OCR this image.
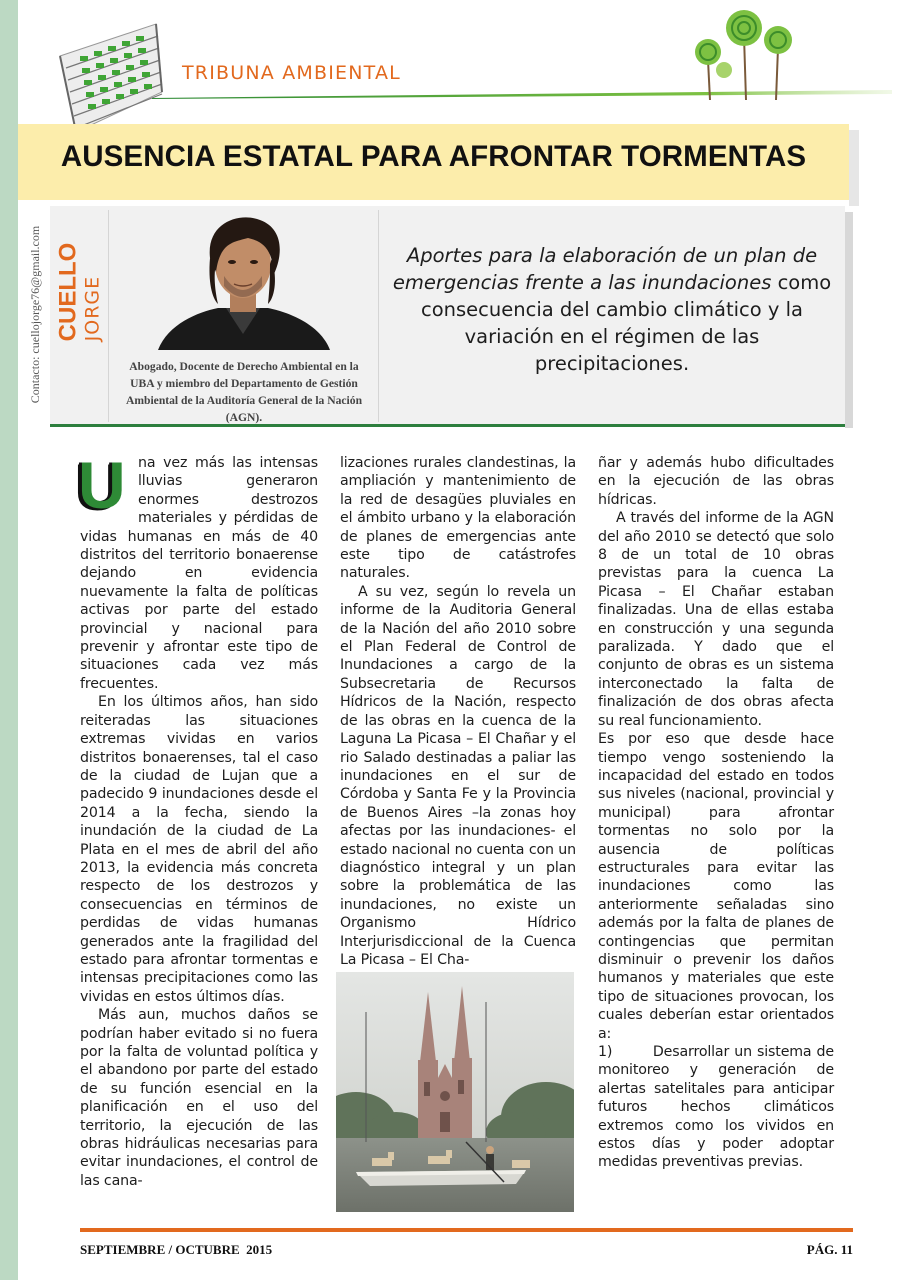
TRIBUNA AMBIENTAL
AUSENCIA ESTATAL PARA AFRONTAR TORMENTAS
Contacto: cuellojorge76@gmail.com CUELLO JORGE
Abogado, Docente de Derecho Ambiental en la UBA y miembro del Departamento de Gestión Ambiental de la Auditoría General de la Nación (AGN).
Aportes para la elaboración de un plan de emergencias frente a las inundaciones como consecuencia del cambio climático y la variación en el régimen de las precipitaciones.

Una vez más las intensas lluvias generaron enormes destrozos materiales y pérdidas de vidas humanas en más de 40 distritos del territorio bonaerense dejando en evidencia nuevamente la falta de políticas activas por parte del estado provincial y nacional para prevenir y afrontar este tipo de situaciones cada vez más frecuentes.

En los últimos años, han sido reiteradas las situaciones extremas vividas en varios distritos bonaerenses, tal el caso de la ciudad de Lujan que a padecido 9 inundaciones desde el 2014 a la fecha, siendo la inundación de la ciudad de La Plata en el mes de abril del año 2013, la evidencia más concreta respecto de los destrozos y consecuencias en términos de perdidas de vidas humanas generados ante la fragilidad del estado para afrontar tormentas e intensas precipitaciones como las vividas en estos últimos días.

Más aun, muchos daños se podrían haber evitado si no fuera por la falta de voluntad política y el abandono por parte del estado de su función esencial en la planificación en el uso del territorio, la ejecución de las obras hidráulicas necesarias para evitar inundaciones, el control de las cana-

lizaciones rurales clandestinas, la ampliación y mantenimiento de la red de desagües pluviales en el ámbito urbano y la elaboración de planes de emergencias ante este tipo de catástrofes naturales.

A su vez, según lo revela un informe de la Auditoria General de la Nación del año 2010 sobre el Plan Federal de Control de Inundaciones a cargo de la Subsecretaria de Recursos Hídricos de la Nación, respecto de las obras en la cuenca de la Laguna La Picasa – El Chañar y el rio Salado destinadas a paliar las inundaciones en el sur de Córdoba y Santa Fe y la Provincia de Buenos Aires –la zonas hoy afectas por las inundaciones- el estado nacional no cuenta con un diagnóstico integral y un plan sobre la problemática de las inundaciones, no existe un Organismo Hídrico Interjurisdiccional de la Cuenca La Picasa – El Cha-

ñar y además hubo dificultades en la ejecución de las obras hídricas.

A través del informe de la AGN del año 2010 se detectó que solo 8 de un total de 10 obras previstas para la cuenca La Picasa – El Chañar estaban finalizadas. Una de ellas estaba en construcción y una segunda paralizada. Y dado que el conjunto de obras es un sistema interconectado la falta de finalización de dos obras afecta su real funcionamiento.

Es por eso que desde hace tiempo vengo sosteniendo la incapacidad del estado en todos sus niveles (nacional, provincial y municipal) para afrontar tormentas no solo por la ausencia de políticas estructurales para evitar las inundaciones como las anteriormente señaladas sino además por la falta de planes de contingencias que permitan disminuir o prevenir los daños humanos y materiales que este tipo de situaciones provocan, los cuales deberían estar orientados a:

1)        Desarrollar un sistema de monitoreo y generación de alertas satelitales para anticipar futuros hechos climáticos extremos como los vividos en estos días y poder adoptar medidas preventivas previas.

SEPTIEMBRE / OCTUBRE  2015	PÁG. 11
